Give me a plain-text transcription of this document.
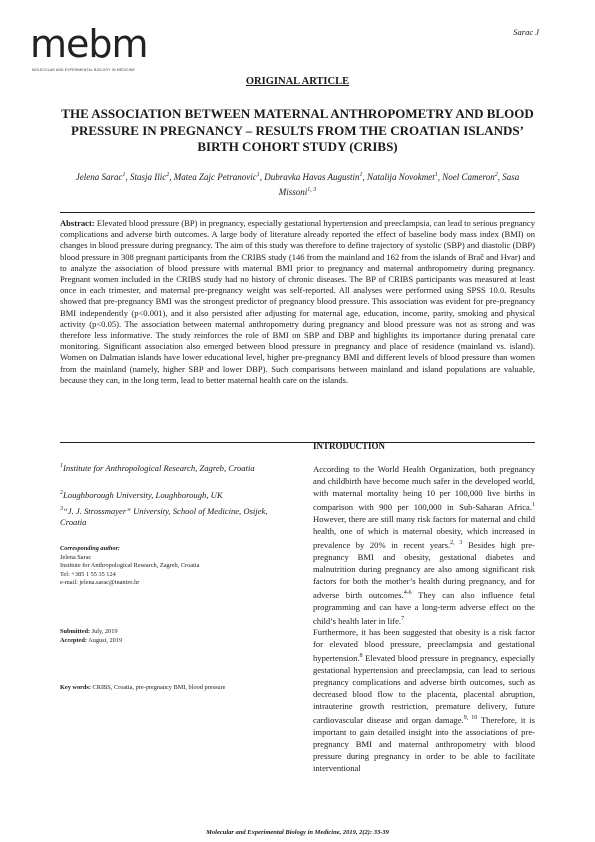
Sarac J
mebm
MOLECULAR AND EXPERIMENTAL BIOLOGY IN MEDICINE
ORIGINAL ARTICLE
THE ASSOCIATION BETWEEN MATERNAL ANTHROPOMETRY AND BLOOD PRESSURE IN PREGNANCY – RESULTS FROM THE CROATIAN ISLANDS’ BIRTH COHORT STUDY (CRIBS)
Jelena Sarac$^1$, Stasja Ilic$^2$, Matea Zajc Petranovic$^1$, Dubravka Havas Augustin$^1$, Natalija Novokmet$^1$, Noel Cameron$^2$, Sasa Missoni$^{1, 3}$
Abstract: Elevated blood pressure (BP) in pregnancy, especially gestational hypertension and preeclampsia, can lead to serious pregnancy complications and adverse birth outcomes. A large body of literature already reported the effect of baseline body mass index (BMI) on changes in blood pressure during pregnancy. The aim of this study was therefore to define trajectory of systolic (SBP) and diastolic (DBP) blood pressure in 308 pregnant participants from the CRIBS study (146 from the mainland and 162 from the islands of Brač and Hvar) and to analyze the association of blood pressure with maternal BMI prior to pregnancy and maternal anthropometry during pregnancy. Pregnant women included in the CRIBS study had no history of chronic diseases. The BP of CRIBS participants was measured at least once in each trimester, and maternal pre-pregnancy weight was self-reported. All analyses were performed using SPSS 10.0. Results showed that pre-pregnancy BMI was the strongest predictor of pregnancy blood pressure. This association was evident for pre-pregnancy BMI independently (p<0.001), and it also persisted after adjusting for maternal age, education, income, parity, smoking and physical activity (p<0.05). The association between maternal anthropometry during pregnancy and blood pressure was not as strong and was therefore less informative. The study reinforces the role of BMI on SBP and DBP and highlights its importance during prenatal care monitoring. Significant association also emerged between blood pressure in pregnancy and place of residence (mainland vs. island). Women on Dalmatian islands have lower educational level, higher pre-pregnancy BMI and different levels of blood pressure than women from the mainland (namely, higher SBP and lower DBP). Such comparisons between mainland and island populations are valuable, because they can, in the long term, lead to better maternal health care on the islands.
$^1$Institute for Anthropological Research, Zagreb, Croatia
$^2$Loughborough University, Loughborough, UK
$^3$“J. J. Strossmayer” University, School of Medicine, Osijek, Croatia
Corresponding author:
Jelena Sarac
Institute for Anthropological Research, Zagreb, Croatia
Tel: +385 1 55 35 124
e-mail: jelena.sarac@inantro.hr
Submitted: July, 2019
Accepted: August, 2019
Key words: CRIBS, Croatia, pre-pregnancy BMI, blood pressure
INTRODUCTION

According to the World Health Organization, both pregnancy and childbirth have become much safer in the developed world, with maternal mortality being 10 per 100,000 live births in comparison with 900 per 100,000 in Sub-Saharan Africa.$^1$ However, there are still many risk factors for maternal and child health, one of which is maternal obesity, which increased in prevalence by 20% in recent years.$^{2, 3}$ Besides high pre-pregnancy BMI and obesity, gestational diabetes and malnutrition during pregnancy are also among significant risk factors for both the mother’s health during pregnancy, and for adverse birth outcomes.$^{4-6}$ They can also influence fetal programming and can have a long-term adverse effect on the child’s health later in life.$^7$

Furthermore, it has been suggested that obesity is a risk factor for elevated blood pressure, preeclampsia and gestational hypertension.$^8$ Elevated blood pressure in pregnancy, especially gestational hypertension and preeclampsia, can lead to serious pregnancy complications and adverse birth outcomes, such as decreased blood flow to the placenta, placental abruption, intrauterine growth restriction, premature delivery, future cardiovascular disease and organ damage.$^{9, 10}$ Therefore, it is important to gain detailed insight into the associations of pre-pregnancy BMI and maternal anthropometry with blood pressure during pregnancy in order to be able to facilitate interventional

Molecular and Experimental Biology in Medicine, 2019, 2(2): 33-39
